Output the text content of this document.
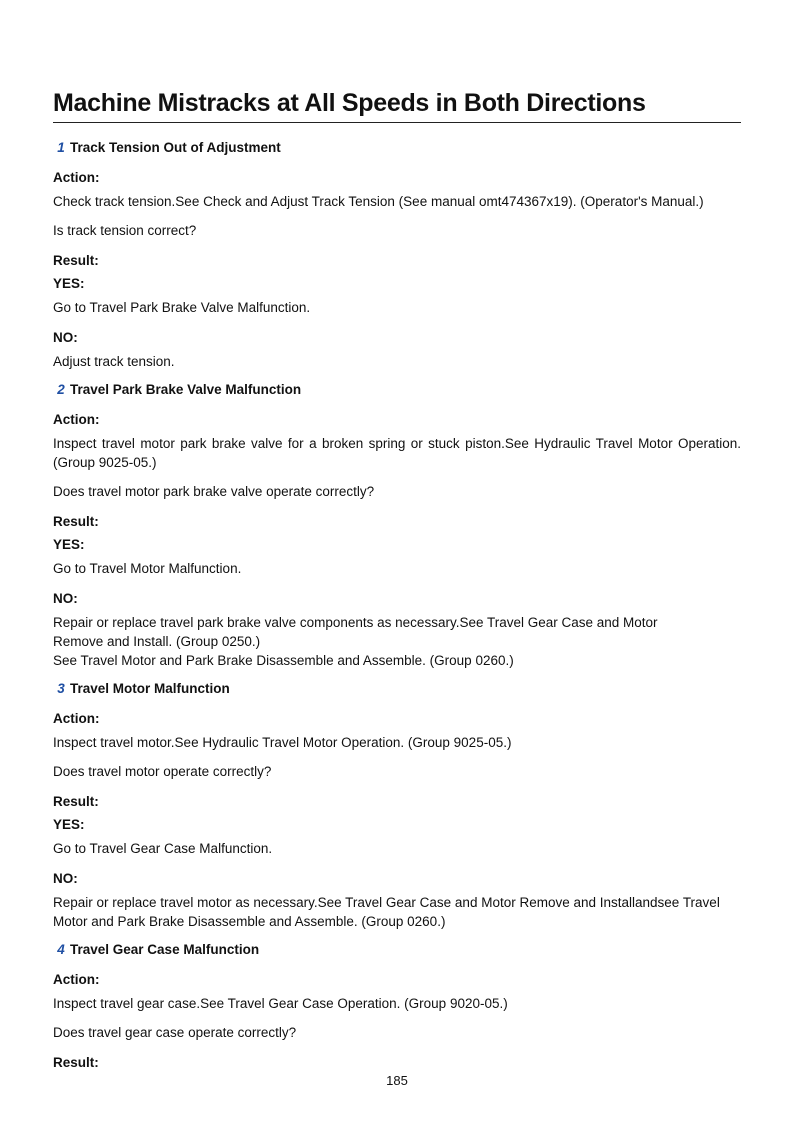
Machine Mistracks at All Speeds in Both Directions
1 Track Tension Out of Adjustment

Action:

Check track tension.See Check and Adjust Track Tension (See manual omt474367x19). (Operator's Manual.)

Is track tension correct?

Result:

YES:

Go to Travel Park Brake Valve Malfunction.

NO:

Adjust track tension.

2 Travel Park Brake Valve Malfunction

Action:

Inspect travel motor park brake valve for a broken spring or stuck piston.See Hydraulic Travel Motor Operation. (Group 9025-05.)

Does travel motor park brake valve operate correctly?

Result:

YES:

Go to Travel Motor Malfunction.

NO:

Repair or replace travel park brake valve components as necessary.See Travel Gear Case and Motor Remove and Install. (Group 0250.)

See Travel Motor and Park Brake Disassemble and Assemble. (Group 0260.)

3 Travel Motor Malfunction

Action:

Inspect travel motor.See Hydraulic Travel Motor Operation. (Group 9025-05.)

Does travel motor operate correctly?

Result:

YES:

Go to Travel Gear Case Malfunction.

NO:

Repair or replace travel motor as necessary.See Travel Gear Case and Motor Remove and Installandsee Travel Motor and Park Brake Disassemble and Assemble. (Group 0260.)

4 Travel Gear Case Malfunction

Action:

Inspect travel gear case.See Travel Gear Case Operation. (Group 9020-05.)

Does travel gear case operate correctly?

Result:

185
